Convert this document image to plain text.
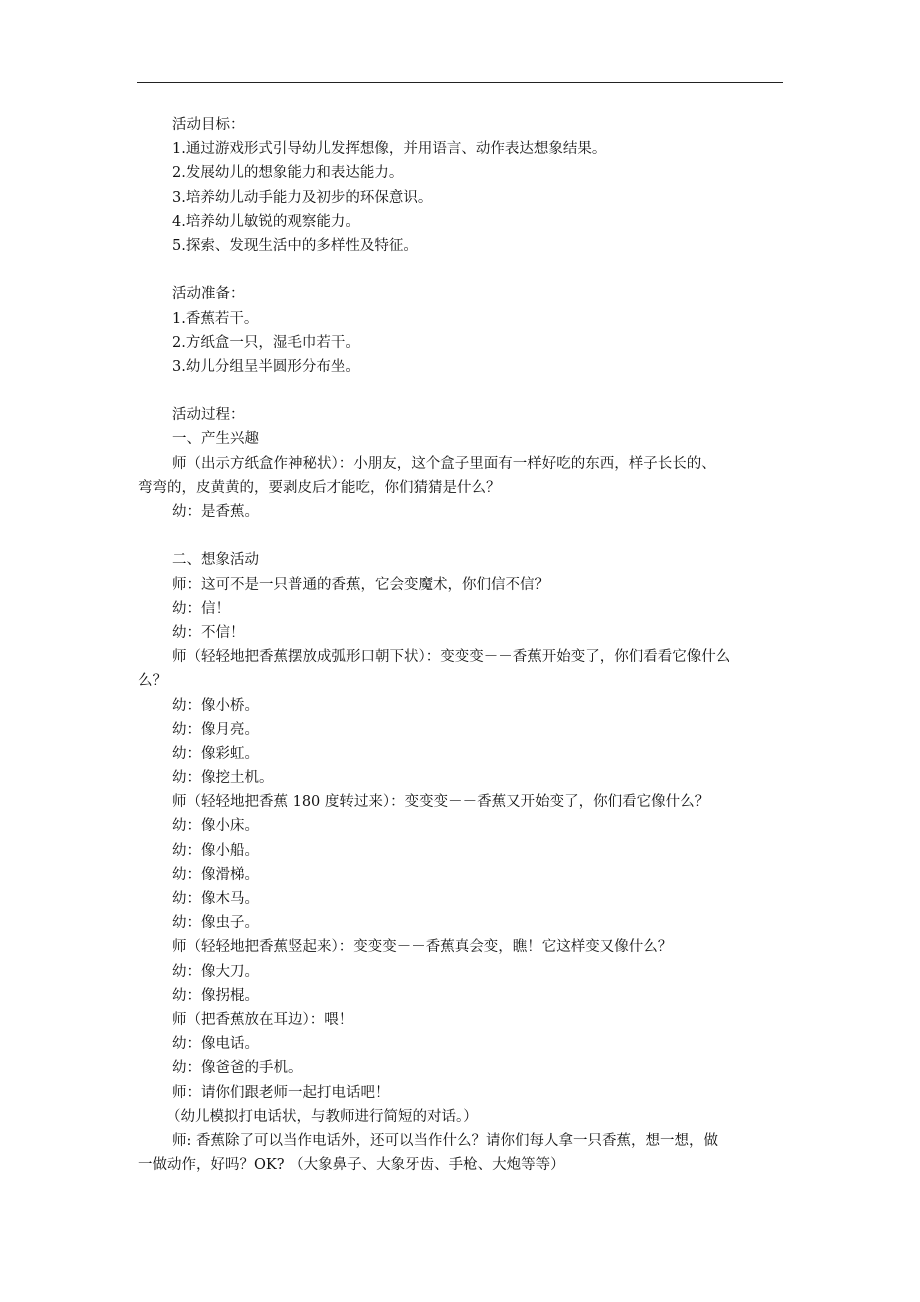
活动目标：
1.通过游戏形式引导幼儿发挥想像，并用语言、动作表达想象结果。
2.发展幼儿的想象能力和表达能力。
3.培养幼儿动手能力及初步的环保意识。
4.培养幼儿敏锐的观察能力。
5.探索、发现生活中的多样性及特征。
活动准备：
1.香蕉若干。
2.方纸盒一只，湿毛巾若干。
3.幼儿分组呈半圆形分布坐。
活动过程：
一、产生兴趣
师（出示方纸盒作神秘状）：小朋友，这个盒子里面有一样好吃的东西，样子长长的、
弯弯的，皮黄黄的，要剥皮后才能吃，你们猜猜是什么？
幼：是香蕉。
二、想象活动
师：这可不是一只普通的香蕉，它会变魔术，你们信不信？
幼：信！
幼：不信！
师（轻轻地把香蕉摆放成弧形口朝下状）：变变变－－香蕉开始变了，你们看看它像什么
么？
幼：像小桥。
幼：像月亮。
幼：像彩虹。
幼：像挖土机。
师（轻轻地把香蕉 180 度转过来）：变变变－－香蕉又开始变了，你们看它像什么？
幼：像小床。
幼：像小船。
幼：像滑梯。
幼：像木马。
幼：像虫子。
师（轻轻地把香蕉竖起来）：变变变－－香蕉真会变，瞧！它这样变又像什么？
幼：像大刀。
幼：像拐棍。
师（把香蕉放在耳边）：喂！
幼：像电话。
幼：像爸爸的手机。
师：请你们跟老师一起打电话吧！
（幼儿模拟打电话状，与教师进行简短的对话。）
师: 香蕉除了可以当作电话外，还可以当作什么？请你们每人拿一只香蕉，想一想，做
一做动作，好吗？OK? （大象鼻子、大象牙齿、手枪、大炮等等）
